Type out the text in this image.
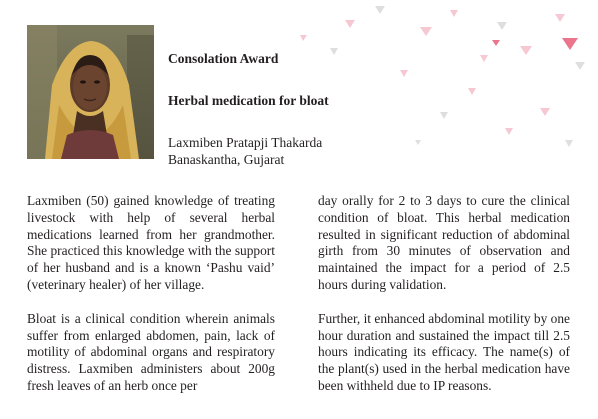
Consolation Award

Herbal medication for bloat

Laxmiben Pratapji Thakarda
Banaskantha, Gujarat

Laxmiben (50) gained knowledge of treating livestock with help of several herbal medications learned from her grandmother. She practiced this knowledge with the support of her husband and is a known ‘Pashu vaid’ (veterinary healer) of her village.

Bloat is a clinical condition wherein animals suffer from enlarged abdomen, pain, lack of motility of abdominal organs and respiratory distress. Laxmiben administers about 200g fresh leaves of an herb once per

day orally for 2 to 3 days to cure the clinical condition of bloat. This herbal medication resulted in significant reduction of abdominal girth from 30 minutes of observation and maintained the impact for a period of 2.5 hours during validation.

Further, it enhanced abdominal motility by one hour duration and sustained the impact till 2.5 hours indicating its efficacy. The name(s) of the plant(s) used in the herbal medication have been withheld due to IP reasons.
